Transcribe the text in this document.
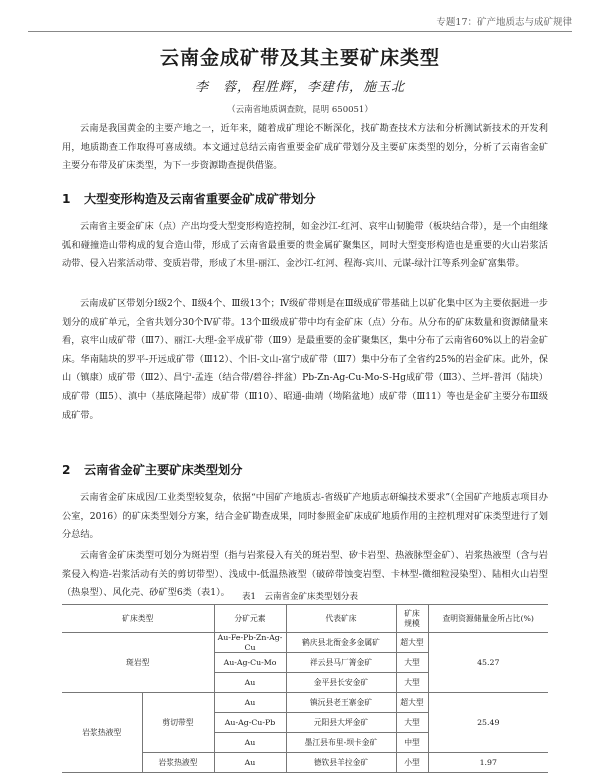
专题17：矿产地质志与成矿规律
云南金成矿带及其主要矿床类型
李　蓉，程胜辉，李建伟，施玉北
（云南省地质调查院，昆明 650051）

云南是我国黄金的主要产地之一，近年来，随着成矿理论不断深化，找矿勘查技术方法和分析测试新技术的开发利用，地质勘查工作取得可喜成绩。本文通过总结云南省重要金矿成矿带划分及主要矿床类型的划分，分析了云南省金矿主要分布带及矿床类型，为下一步资源勘查提供借鉴。

1 大型变形构造及云南省重要金矿成矿带划分

云南省主要金矿床（点）产出均受大型变形构造控制，如金沙江-红河、哀牢山韧脆带（板块结合带），是一个由组缘弧和碰撞造山带构成的复合造山带，形成了云南省最重要的贵金属矿聚集区，同时大型变形构造也是重要的火山岩浆活动带、侵入岩浆活动带、变质岩带，形成了木里-丽江、金沙江-红河、程海-宾川、元谋-绿汁江等系列金矿富集带。

云南成矿区带划分Ⅰ级2个、Ⅱ级4个、Ⅲ级13个；Ⅳ级矿带则是在Ⅲ级成矿带基础上以矿化集中区为主要依据进一步划分的成矿单元，全省共划分30个Ⅳ矿带。13个Ⅲ级成矿带中均有金矿床（点）分布。从分布的矿床数量和资源储量来看，哀牢山成矿带（Ⅲ7）、丽江-大理-金平成矿带（Ⅲ9）是最重要的金矿聚集区，集中分布了云南省60%以上的岩金矿床。华南陆块的罗平-开远成矿带（Ⅲ12）、个旧-文山-富宁成矿带（Ⅲ7）集中分布了全省约25%的岩金矿床。此外，保山（镇康）成矿带（Ⅲ2）、昌宁-孟连（结合带/碧谷-拌盆）Pb-Zn-Ag-Cu-Mo-S-Hg成矿带（Ⅲ3）、兰坪-普洱（陆块）成矿带（Ⅲ5）、滇中（基底隆起带）成矿带（Ⅲ10）、昭通-曲靖（坳陷盆地）成矿带（Ⅲ11）等也是金矿主要分布Ⅲ级成矿带。

2 云南省金矿主要矿床类型划分

云南省金矿床成因/工业类型较复杂，依据“中国矿产地质志-省级矿产地质志研编技术要求”（全国矿产地质志项目办公室，2016）的矿床类型划分方案，结合金矿勘查成果，同时参照金矿床成矿地质作用的主控机理对矿床类型进行了划分总结。

云南省金矿床类型可划分为斑岩型（指与岩浆侵入有关的斑岩型、矽卡岩型、热液脉型金矿）、岩浆热液型（含与岩浆侵入构造-岩浆活动有关的剪切带型）、浅成中-低温热液型（破碎带蚀变岩型、卡林型-微细粒浸染型）、陆相火山岩型（热泉型）、风化壳、砂矿型6类（表1）。	表1　云南省金矿床类型划分表
矿床类型		分矿元素	代表矿床	矿床
规模	查明资源储量金所占比(%)
斑岩型		Au-Fe-Pb-Zn-Ag-Cu	鹤庆县北衙金多金属矿	超大型	45.27
		Au-Ag-Cu-Mo	祥云县马厂箐金矿	大型	
		Au	金平县长安金矿	大型	
岩浆热液型	剪切带型	Au	镇沅县老王寨金矿	超大型	25.49
		Au-Ag-Cu-Pb	元阳县大坪金矿	大型	
		Au	墨江县布里-坝卡金矿	中型	
	岩浆热液型	Au	德钦县羊拉金矿	小型	1.97
